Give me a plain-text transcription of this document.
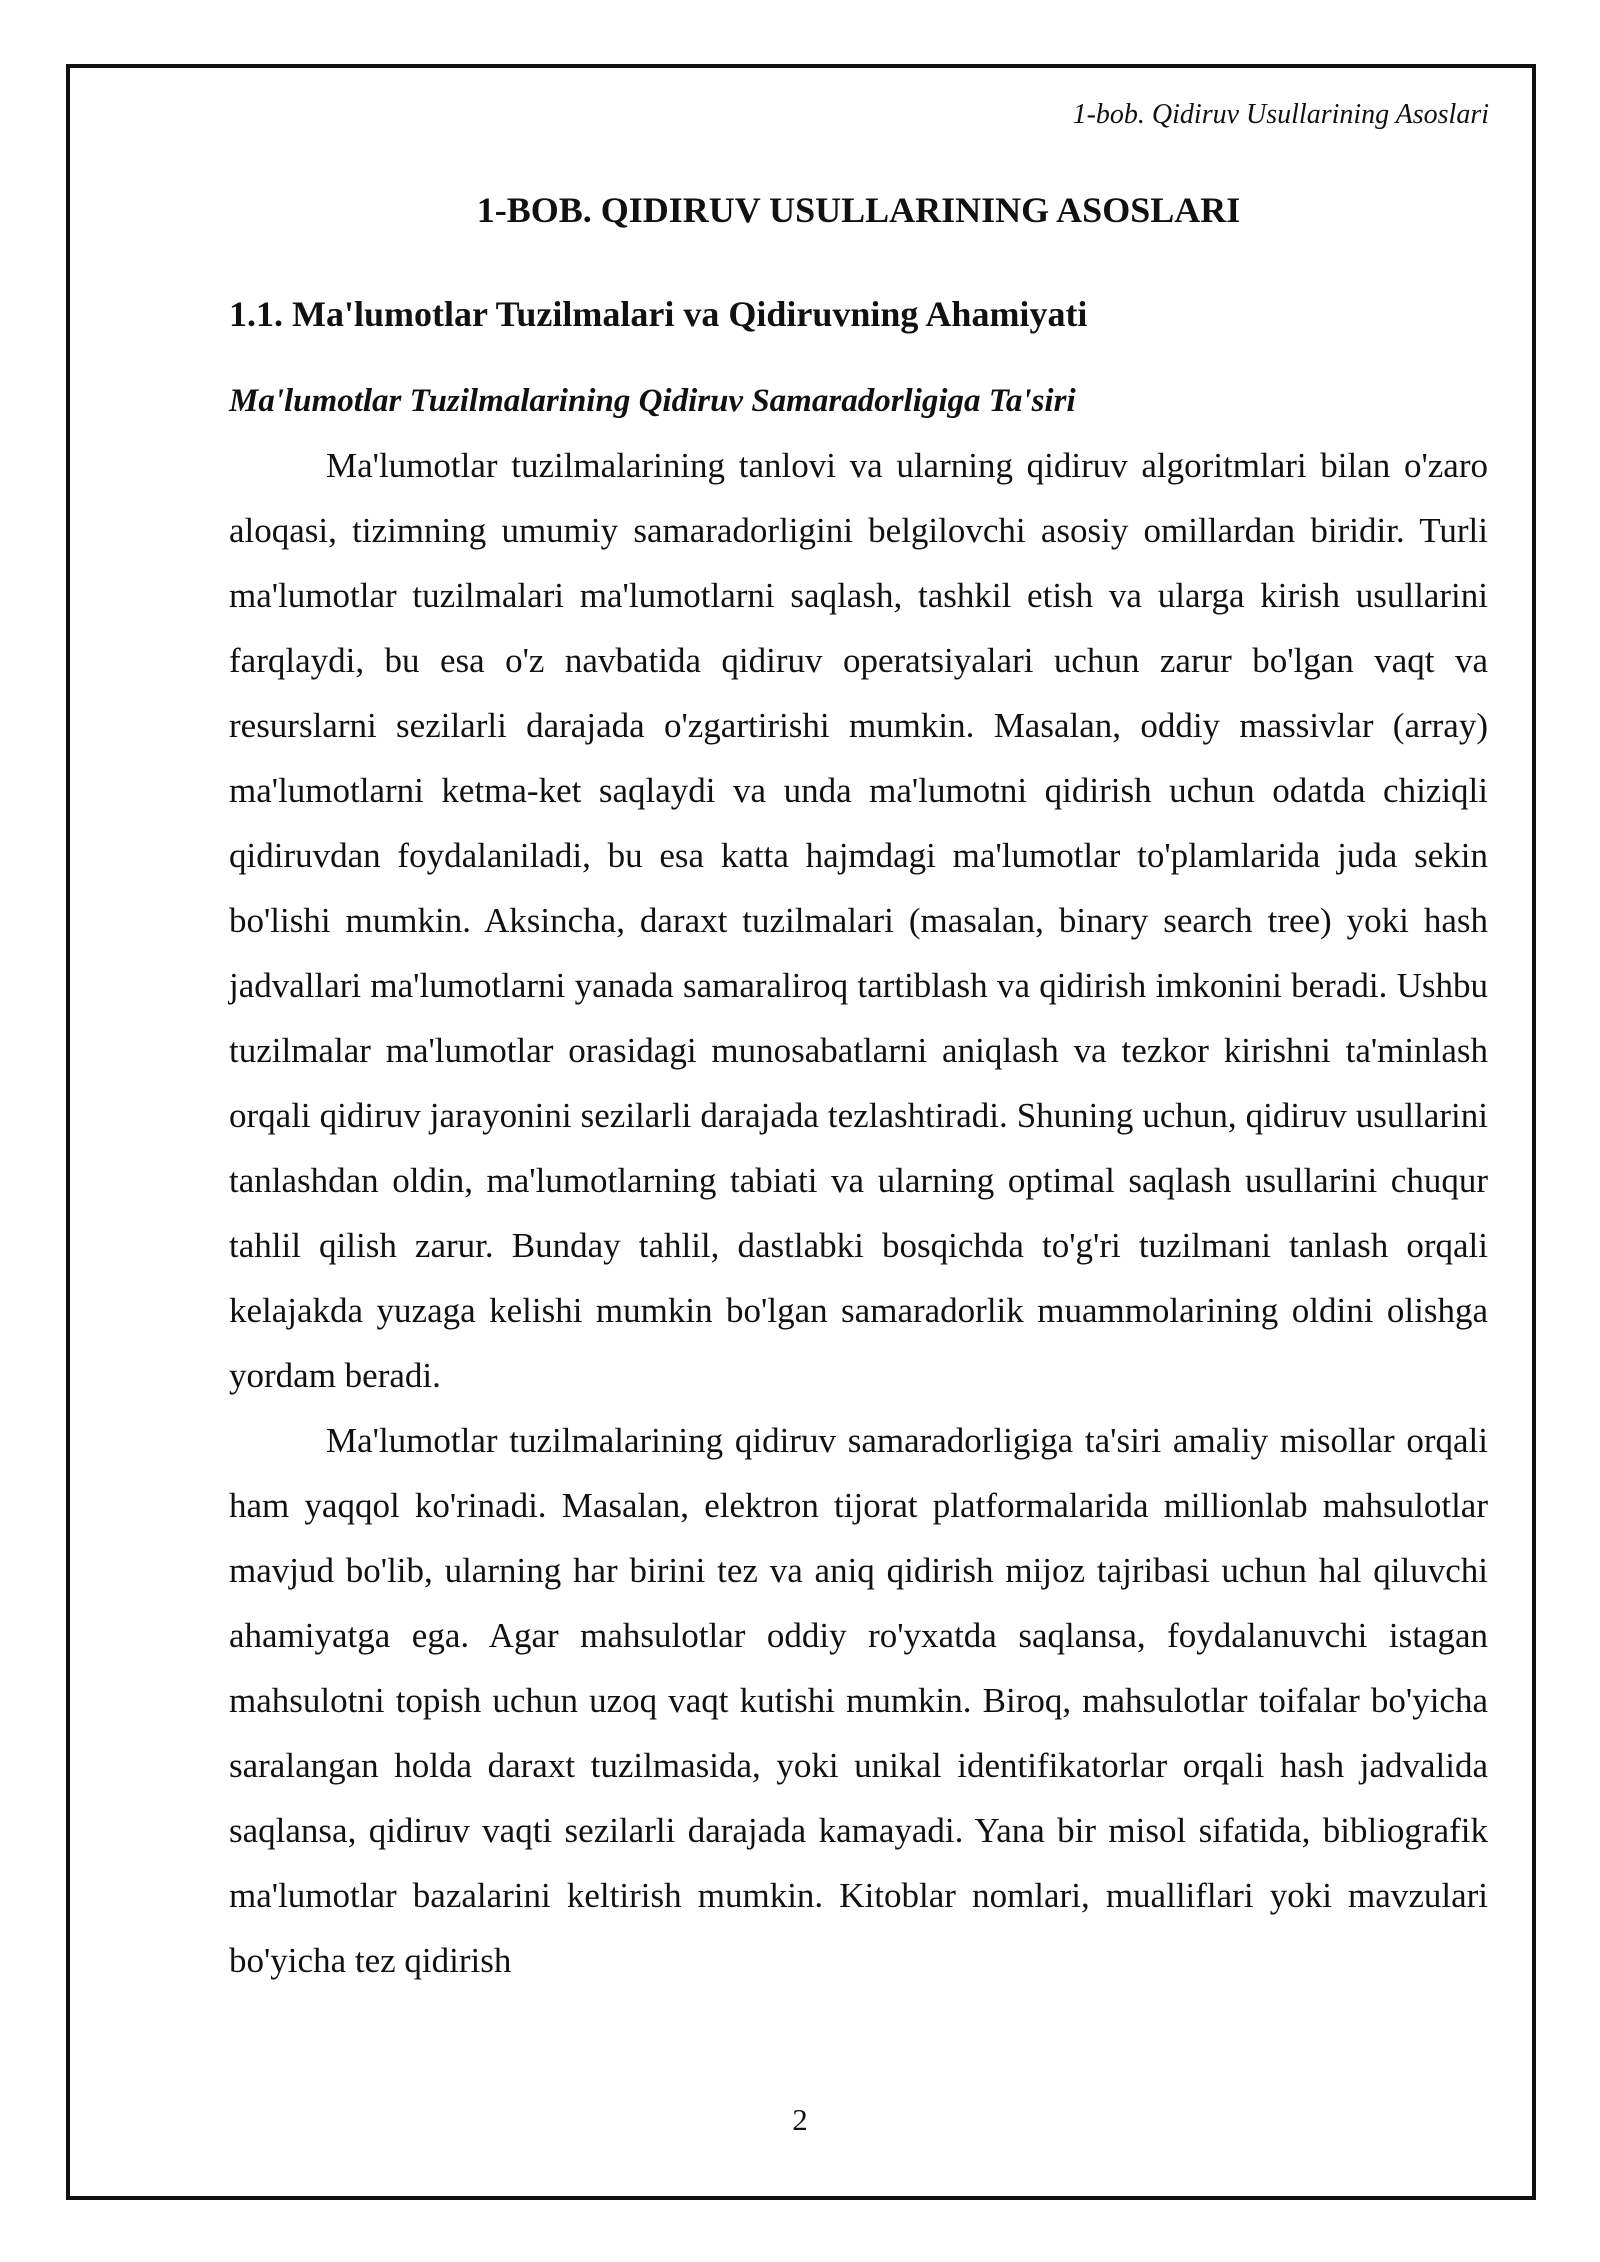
1-bob. Qidiruv Usullarining Asoslari
1-BOB. QIDIRUV USULLARINING ASOSLARI
1.1. Ma'lumotlar Tuzilmalari va Qidiruvning Ahamiyati
Ma'lumotlar Tuzilmalarining Qidiruv Samaradorligiga Ta'siri

Ma'lumotlar tuzilmalarining tanlovi va ularning qidiruv algoritmlari bilan o'zaro aloqasi, tizimning umumiy samaradorligini belgilovchi asosiy omillardan biridir. Turli ma'lumotlar tuzilmalari ma'lumotlarni saqlash, tashkil etish va ularga kirish usullarini farqlaydi, bu esa o'z navbatida qidiruv operatsiyalari uchun zarur bo'lgan vaqt va resurslarni sezilarli darajada o'zgartirishi mumkin. Masalan, oddiy massivlar (array) ma'lumotlarni ketma-ket saqlaydi va unda ma'lumotni qidirish uchun odatda chiziqli qidiruvdan foydalaniladi, bu esa katta hajmdagi ma'lumotlar to'plamlarida juda sekin bo'lishi mumkin. Aksincha, daraxt tuzilmalari (masalan, binary search tree) yoki hash jadvallari ma'lumotlarni yanada samaraliroq tartiblash va qidirish imkonini beradi. Ushbu tuzilmalar ma'lumotlar orasidagi munosabatlarni aniqlash va tezkor kirishni ta'minlash orqali qidiruv jarayonini sezilarli darajada tezlashtiradi. Shuning uchun, qidiruv usullarini tanlashdan oldin, ma'lumotlarning tabiati va ularning optimal saqlash usullarini chuqur tahlil qilish zarur. Bunday tahlil, dastlabki bosqichda to'g'ri tuzilmani tanlash orqali kelajakda yuzaga kelishi mumkin bo'lgan samaradorlik muammolarining oldini olishga yordam beradi.

Ma'lumotlar tuzilmalarining qidiruv samaradorligiga ta'siri amaliy misollar orqali ham yaqqol ko'rinadi. Masalan, elektron tijorat platformalarida millionlab mahsulotlar mavjud bo'lib, ularning har birini tez va aniq qidirish mijoz tajribasi uchun hal qiluvchi ahamiyatga ega. Agar mahsulotlar oddiy ro'yxatda saqlansa, foydalanuvchi istagan mahsulotni topish uchun uzoq vaqt kutishi mumkin. Biroq, mahsulotlar toifalar bo'yicha saralangan holda daraxt tuzilmasida, yoki unikal identifikatorlar orqali hash jadvalida saqlansa, qidiruv vaqti sezilarli darajada kamayadi. Yana bir misol sifatida, bibliografik ma'lumotlar bazalarini keltirish mumkin. Kitoblar nomlari, mualliflari yoki mavzulari bo'yicha tez qidirish

2
